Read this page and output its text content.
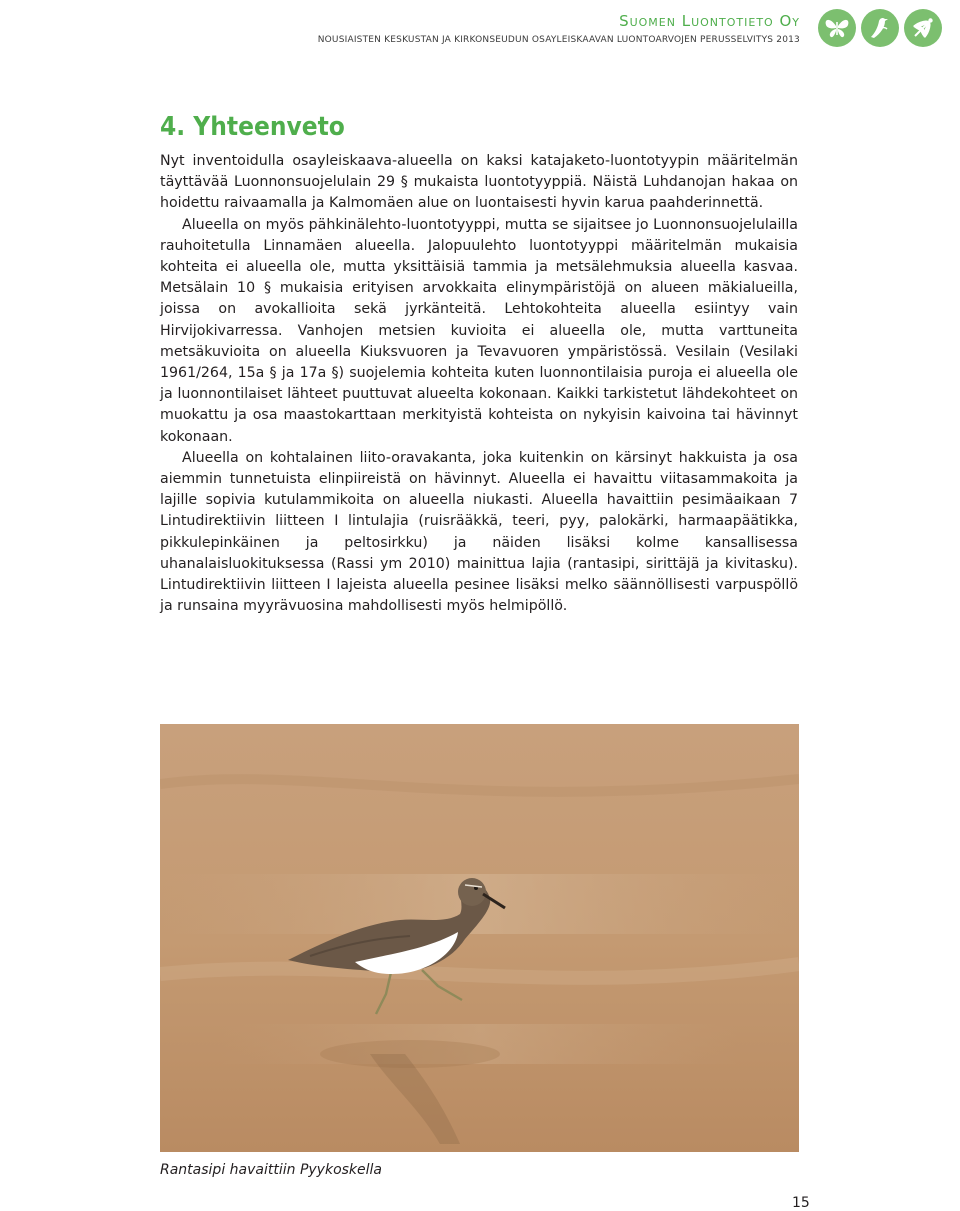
Suomen Luontotieto Oy
NOUSIAISTEN KESKUSTAN JA KIRKONSEUDUN OSAYLEISKAAVAN LUONTOARVOJEN PERUSSELVITYS 2013
4. Yhteenveto

Nyt inventoidulla osayleiskaava-alueella on kaksi katajaketo-luontotyypin määritelmän täyttävää Luonnonsuojelulain 29 § mukaista luontotyyppiä. Näistä Luhdanojan hakaa on hoidettu raivaamalla ja Kalmomäen alue on luontaisesti hyvin karua paahderinnettä.

Alueella on myös pähkinälehto-luontotyyppi, mutta se sijaitsee jo Luonnonsuojelulailla rauhoitetulla Linnamäen alueella. Jalopuulehto luontotyyppi määritelmän mukaisia kohteita ei alueella ole, mutta yksittäisiä tammia ja metsälehmuksia alueella kasvaa. Metsälain 10 § mukaisia erityisen arvokkaita elinympäristöjä on alueen mäkialueilla, joissa on avokallioita sekä jyrkänteitä. Lehtokohteita alueella esiintyy vain Hirvijokivarressa. Vanhojen metsien kuvioita ei alueella ole, mutta varttuneita metsäkuvioita on alueella Kiuksvuoren ja Tevavuoren ympäristössä. Vesilain (Vesilaki 1961/264, 15a § ja 17a §) suojelemia kohteita kuten luonnontilaisia puroja ei alueella ole ja luonnontilaiset lähteet puuttuvat alueelta kokonaan. Kaikki tarkistetut lähdekohteet on muokattu ja osa maastokarttaan merkityistä kohteista on nykyisin kaivoina tai hävinnyt kokonaan.

Alueella on kohtalainen liito-oravakanta, joka kuitenkin on kärsinyt hakkuista ja osa aiemmin tunnetuista elinpiireistä on hävinnyt. Alueella ei havaittu viitasammakoita ja lajille sopivia kutulammikoita on alueella niukasti. Alueella havaittiin pesimäaikaan 7 Lintudirektiivin liitteen I lintulajia (ruisrääkkä, teeri, pyy, palokärki, harmaapäätikka, pikkulepinkäinen ja peltosirkku) ja näiden lisäksi kolme kansallisessa uhanalaisluokituksessa (Rassi ym 2010) mainittua lajia (rantasipi, sirittäjä ja kivitasku). Lintudirektiivin liitteen I lajeista alueella pesinee lisäksi melko säännöllisesti varpuspöllö ja runsaina myyrävuosina mahdollisesti myös helmipöllö.

Rantasipi havaittiin Pyykoskella
15
